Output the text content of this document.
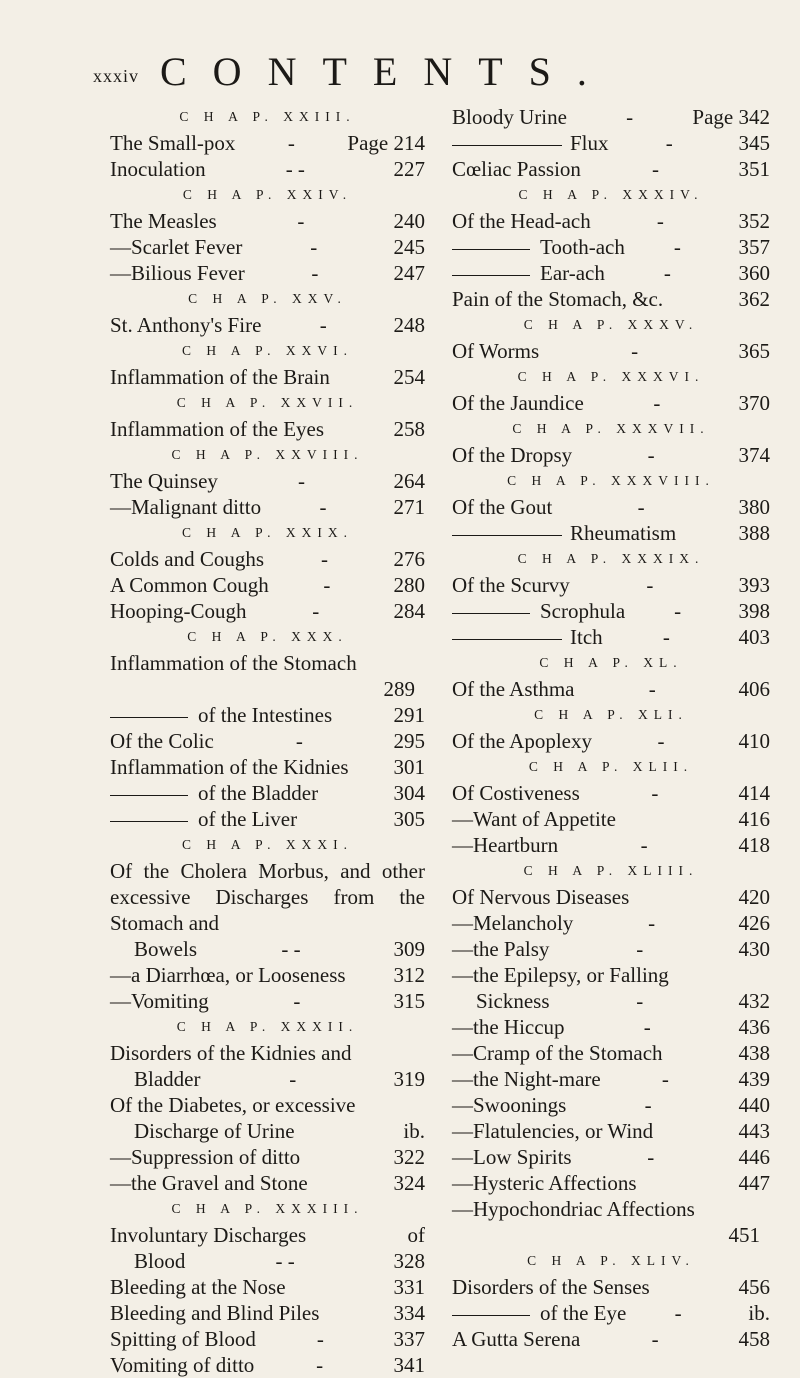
xxxiv CONTENTS.
C H A P. XXIII.
The Small-pox	-	Page 214
Inoculation	- -	227
C H A P. XXIV.
The Measles	-	240
—Scarlet Fever	-	245
—Bilious Fever	-	247
C H A P. XXV.
St. Anthony's Fire	-	248
C H A P. XXVI.
Inflammation of the Brain	254
C H A P. XXVII.
Inflammation of the Eyes	258
C H A P. XXVIII.
The Quinsey	-	264
—Malignant ditto	-	271
C H A P. XXIX.
Colds and Coughs	-	276
A Common Cough	-	280
Hooping-Cough	-	284
C H A P. XXX.
Inflammation of the Stomach
289
of the Intestines	291
Of the Colic	-	295
Inflammation of the Kidnies	301
of the Bladder	304
of the Liver	305
C H A P. XXXI.
Of the Cholera Morbus, and other excessive Discharges from the Stomach and
Bowels	- -	309
—a Diarrhœa, or Looseness	312
—Vomiting	-	315
C H A P. XXXII.
Disorders of the Kidnies and
Bladder	-	319
Of the Diabetes, or excessive
Discharge of Urine	ib.
—Suppression of ditto	322
—the Gravel and Stone	324
C H A P. XXXIII.
Involuntary Discharges	of
Blood	- -	328
Bleeding at the Nose	331
Bleeding and Blind Piles	334
Spitting of Blood	-	337
Vomiting of ditto	-	341
Bloody Urine	-	Page 342
Flux	-	345
Cœliac Passion	-	351
C H A P. XXXIV.
Of the Head-ach	-	352
Tooth-ach	-	357
Ear-ach	-	360
Pain of the Stomach, &c.	362
C H A P. XXXV.
Of Worms	-	365
C H A P. XXXVI.
Of the Jaundice	-	370
C H A P. XXXVII.
Of the Dropsy	-	374
C H A P. XXXVIII.
Of the Gout	-	380
Rheumatism	388
C H A P. XXXIX.
Of the Scurvy	-	393
Scrophula	-	398
Itch	-	403
C H A P. XL.
Of the Asthma	-	406
C H A P. XLI.
Of the Apoplexy	-	410
C H A P. XLII.
Of Costiveness	-	414
—Want of Appetite	416
—Heartburn	-	418
C H A P. XLIII.
Of Nervous Diseases	420
—Melancholy	-	426
—the Palsy	-	430
—the Epilepsy, or Falling
Sickness	-	432
—the Hiccup	-	436
—Cramp of the Stomach	438
—the Night-mare	-	439
—Swoonings	-	440
—Flatulencies, or Wind	443
—Low Spirits	-	446
—Hysteric Affections	447
—Hypochondriac Affections
451
C H A P. XLIV.
Disorders of the Senses	456
of the Eye	-	ib.
A Gutta Serena	-	458
